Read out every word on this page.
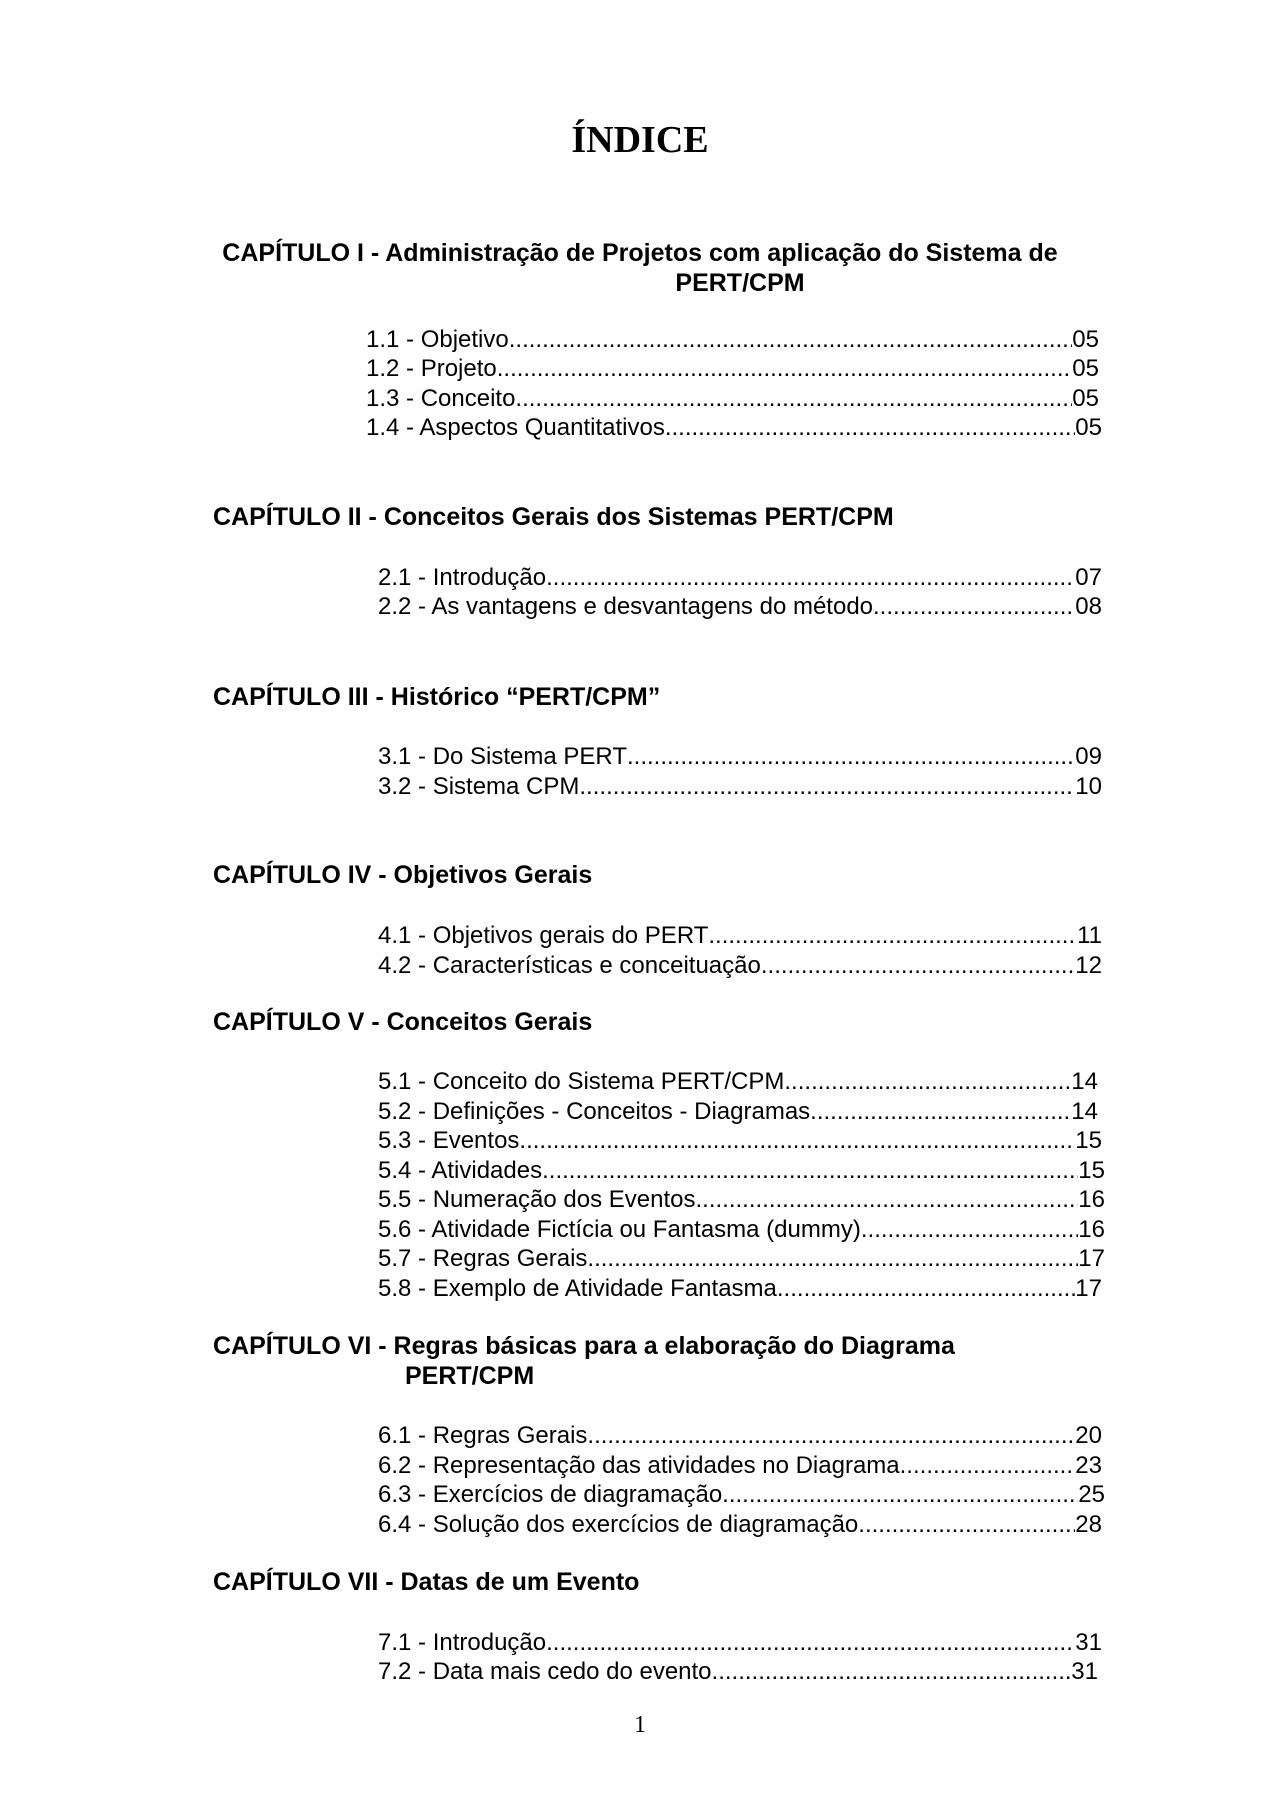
ÍNDICE
CAPÍTULO I - Administração de Projetos com aplicação do Sistema de
PERT/CPM
1.1 - Objetivo .....	05
1.2 - Projeto .....	05
1.3 - Conceito .....	05
1.4 - Aspectos Quantitativos .....	05
CAPÍTULO II - Conceitos Gerais dos Sistemas PERT/CPM
2.1 - Introdução .....	07
2.2 - As vantagens e desvantagens do método .....	08
CAPÍTULO III - Histórico “PERT/CPM”
3.1 - Do Sistema PERT .....	09
3.2 - Sistema CPM .....	10
CAPÍTULO IV - Objetivos Gerais
4.1 - Objetivos gerais do PERT .....	11
4.2 - Características e conceituação .....	12
CAPÍTULO V - Conceitos Gerais
5.1 - Conceito do Sistema PERT/CPM .....	14
5.2 - Definições - Conceitos - Diagramas .....	14
5.3 - Eventos .....	15
5.4 - Atividades .....	15
5.5 - Numeração dos Eventos .....	16
5.6 - Atividade Fictícia ou Fantasma (dummy) .....	16
5.7 - Regras Gerais .....	17
5.8 - Exemplo de Atividade Fantasma .....	17
CAPÍTULO VI - Regras básicas para a elaboração do Diagrama
PERT/CPM
6.1 - Regras Gerais .....	20
6.2 - Representação das atividades no Diagrama .....	23
6.3 - Exercícios de diagramação .....	25
6.4 - Solução dos exercícios de diagramação .....	28
CAPÍTULO VII - Datas de um Evento
7.1 - Introdução .....	31
7.2 - Data mais cedo do evento .....	31
1
